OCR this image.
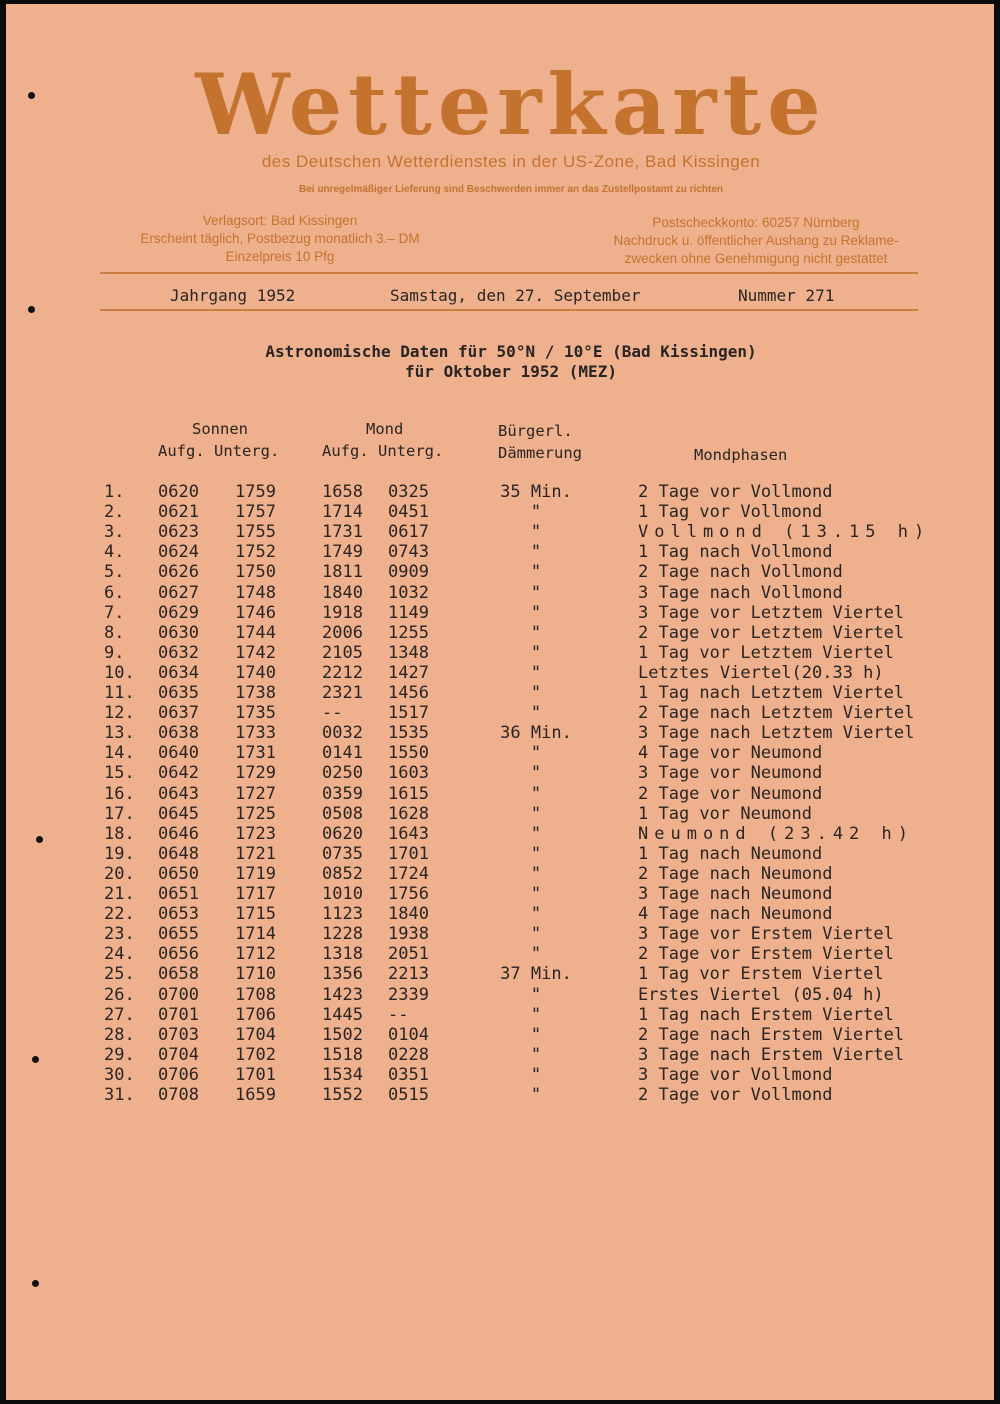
Wetterkarte
des Deutschen Wetterdienstes in der US-Zone, Bad Kissingen
Bei unregelmäßiger Lieferung sind Beschwerden immer an das Zustellpostamt zu richten
Verlagsort: Bad Kissingen
Erscheint täglich, Postbezug monatlich 3.– DM
Einzelpreis 10 Pfg
Postscheckkonto: 60257 Nürnberg
Nachdruck u. öffentlicher Aushang zu Reklame-
zwecken ohne Genehmigung nicht gestattet
Jahrgang 1952	Samstag, den 27. September	Nummer 271
Astronomische Daten für 50°N / 10°E (Bad Kissingen)
für Oktober 1952 (MEZ)
Sonnen
Aufg. Unterg.
Mond
Aufg. Unterg.
Bürgerl.
Dämmerung	Mondphasen
1. 0620 1759	1658 0325	35 Min.	2 Tage vor Vollmond
2. 0621 1757	1714 0451	"	1 Tag vor Vollmond
3. 0623 1755	1731 0617	"	Vollmond (13.15 h)
4. 0624 1752	1749 0743	"	1 Tag nach Vollmond
5. 0626 1750	1811 0909	"	2 Tage nach Vollmond
6. 0627 1748	1840 1032	"	3 Tage nach Vollmond
7. 0629 1746	1918 1149	"	3 Tage vor Letztem Viertel
8. 0630 1744	2006 1255	"	2 Tage vor Letztem Viertel
9. 0632 1742	2105 1348	"	1 Tag vor Letztem Viertel
10. 0634 1740	2212 1427	"	Letztes Viertel(20.33 h)
11. 0635 1738	2321 1456	"	1 Tag nach Letztem Viertel
12. 0637 1735	--	1517	"	2 Tage nach Letztem Viertel
13. 0638 1733	0032 1535	36 Min.	3 Tage nach Letztem Viertel
14. 0640 1731	0141 1550	"	4 Tage vor Neumond
15. 0642 1729	0250 1603	"	3 Tage vor Neumond
16. 0643 1727	0359 1615	"	2 Tage vor Neumond
17. 0645 1725	0508 1628	"	1 Tag vor Neumond
18. 0646 1723	0620 1643	"	Neumond (23.42 h)
19. 0648 1721	0735 1701	"	1 Tag nach Neumond
20. 0650 1719	0852 1724	"	2 Tage nach Neumond
21. 0651 1717	1010 1756	"	3 Tage nach Neumond
22. 0653 1715	1123 1840	"	4 Tage nach Neumond
23. 0655 1714	1228 1938	"	3 Tage vor Erstem Viertel
24. 0656 1712	1318 2051	"	2 Tage vor Erstem Viertel
25. 0658 1710	1356 2213	37 Min.	1 Tag vor Erstem Viertel
26. 0700 1708	1423 2339	"	Erstes Viertel (05.04 h)
27. 0701 1706	1445 --	"	1 Tag nach Erstem Viertel
28. 0703 1704	1502 0104	"	2 Tage nach Erstem Viertel
29. 0704 1702	1518 0228	"	3 Tage nach Erstem Viertel
30. 0706 1701	1534 0351	"	3 Tage vor Vollmond
31. 0708 1659	1552 0515	"	2 Tage vor Vollmond
